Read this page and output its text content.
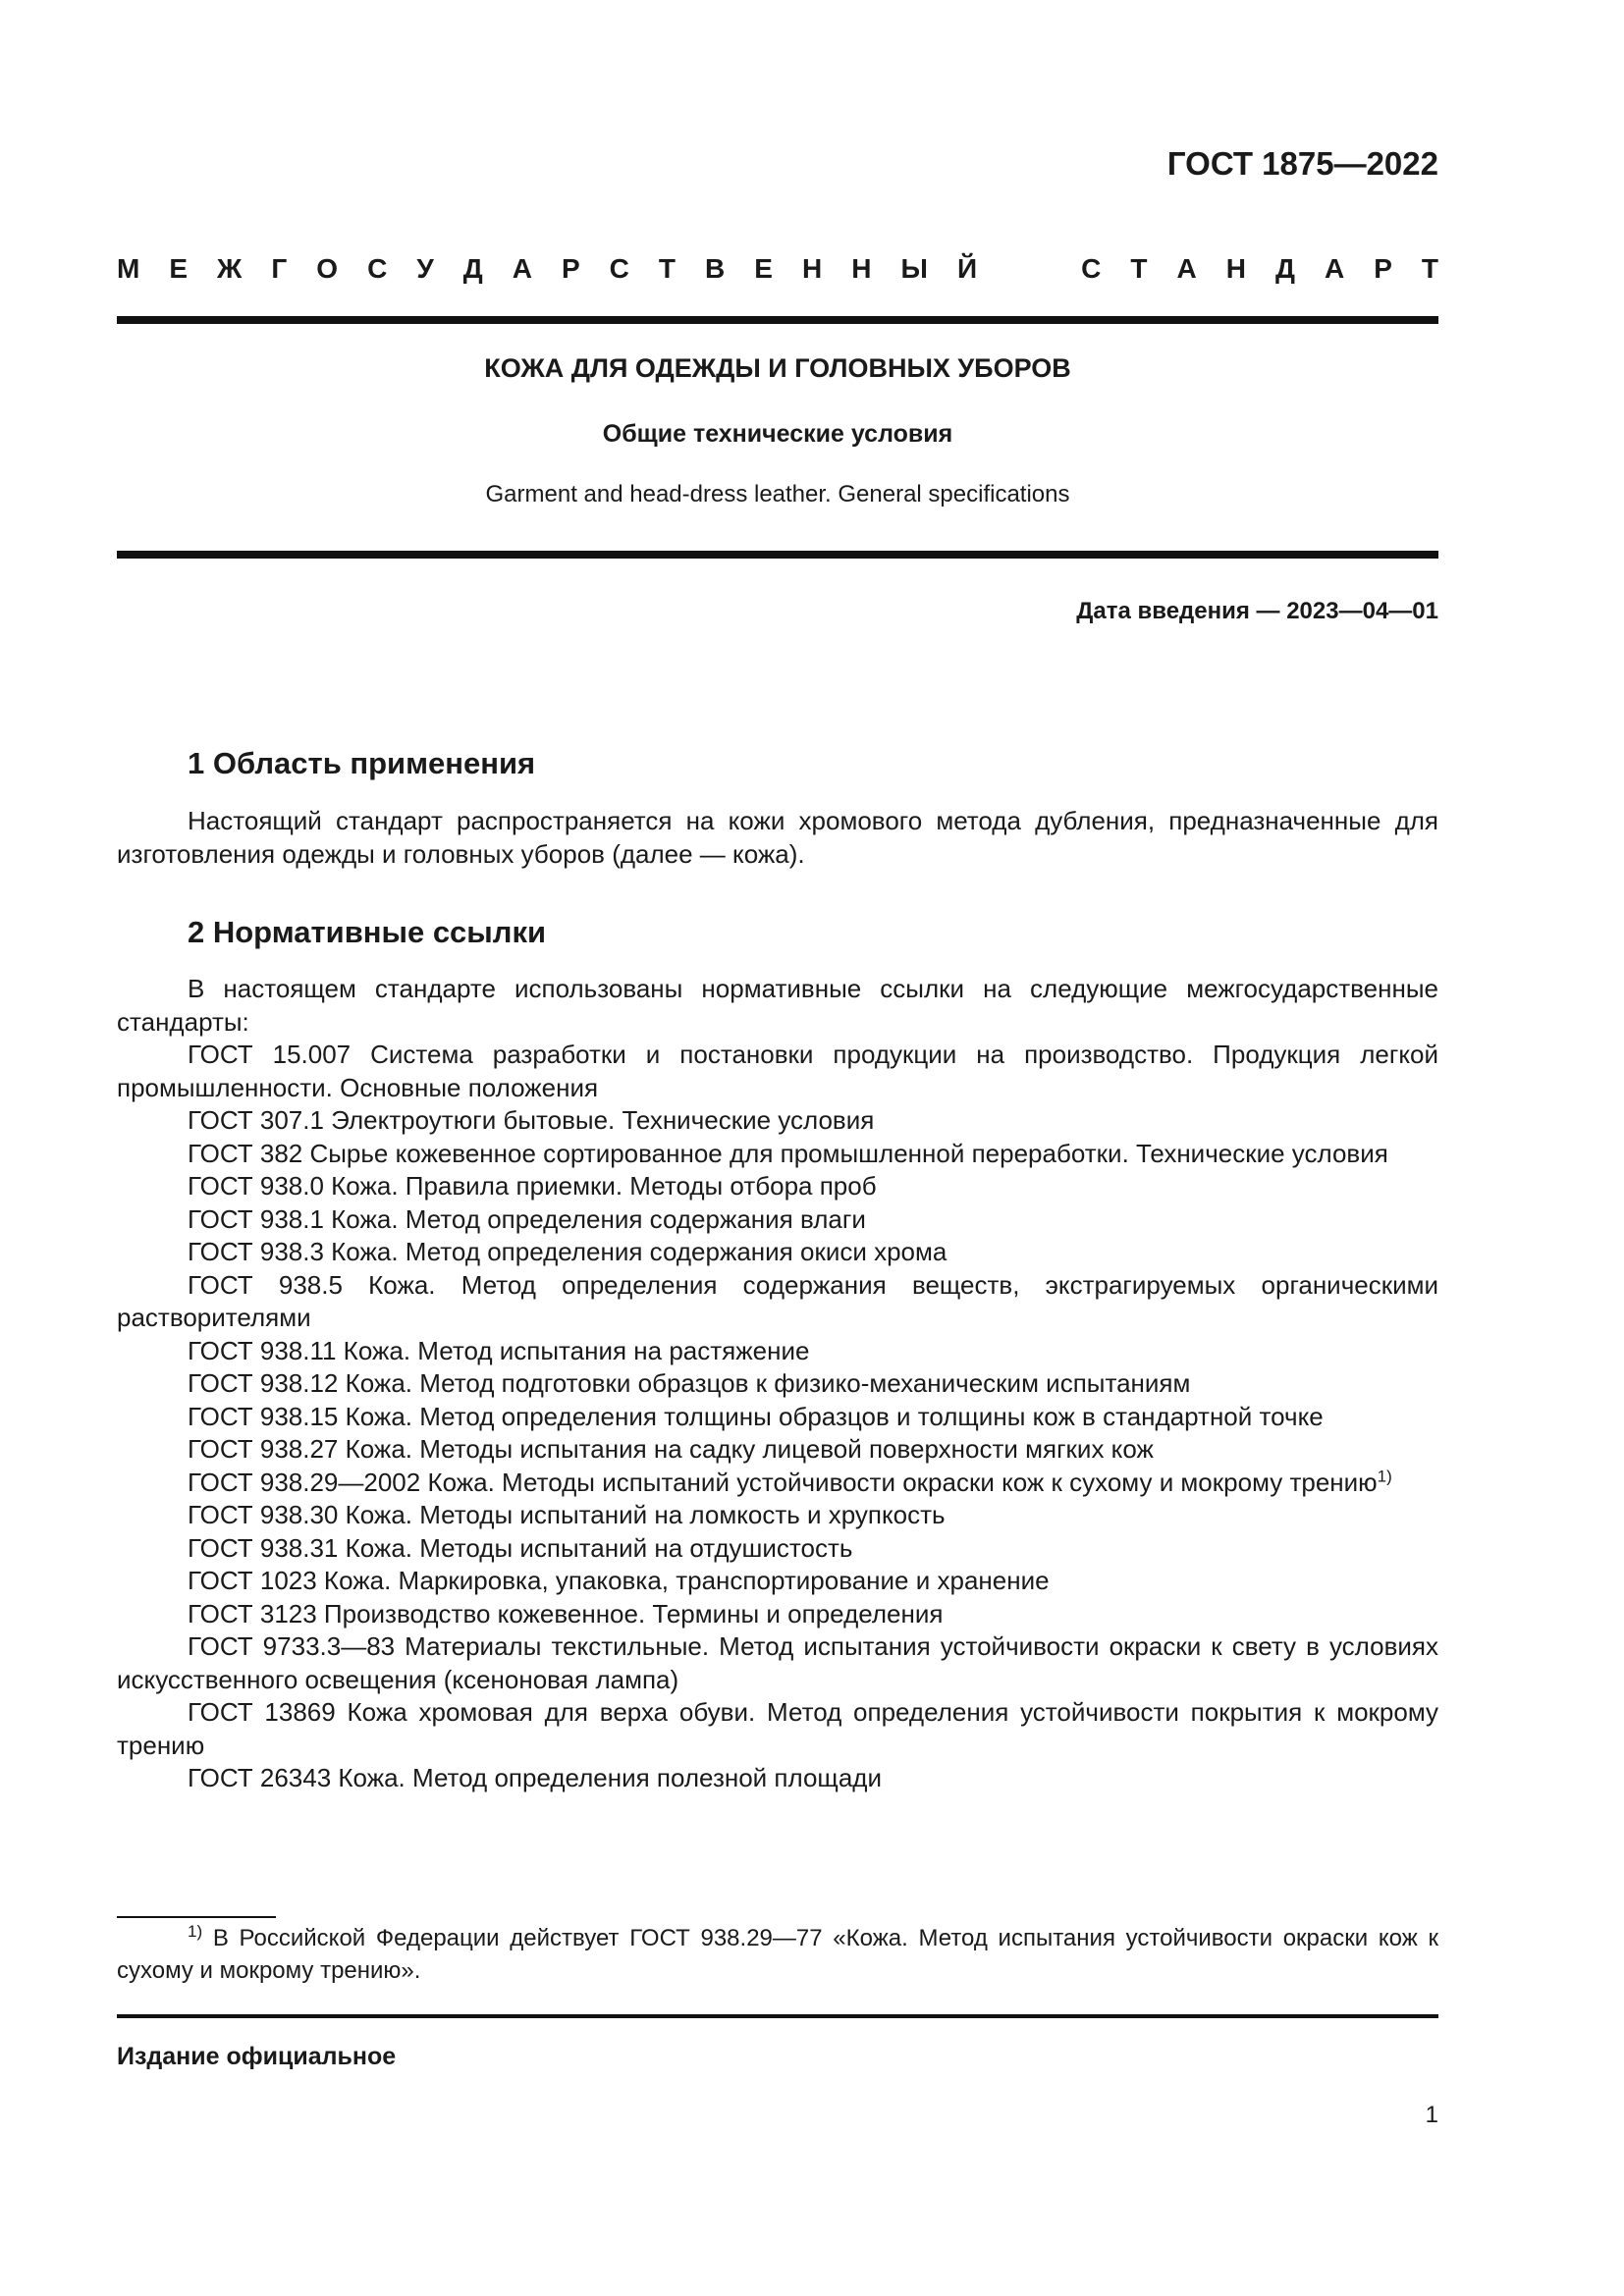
ГОСТ 1875—2022
М Е Ж Г О С У Д А Р С Т В Е Н Н Ы Й	С Т А Н Д А Р Т
КОЖА ДЛЯ ОДЕЖДЫ И ГОЛОВНЫХ УБОРОВ
Общие технические условия
Garment and head-dress leather. General specifications
Дата введения — 2023—04—01
1 Область применения
Настоящий стандарт распространяется на кожи хромового метода дубления, предназначенные для изготовления одежды и головных уборов (далее — кожа).
2 Нормативные ссылки

В настоящем стандарте использованы нормативные ссылки на следующие межгосударственные стандарты:

ГОСТ 15.007 Система разработки и постановки продукции на производство. Продукция легкой промышленности. Основные положения

ГОСТ 307.1 Электроутюги бытовые. Технические условия

ГОСТ 382 Сырье кожевенное сортированное для промышленной переработки. Технические условия

ГОСТ 938.0 Кожа. Правила приемки. Методы отбора проб

ГОСТ 938.1 Кожа. Метод определения содержания влаги

ГОСТ 938.3 Кожа. Метод определения содержания окиси хрома

ГОСТ 938.5 Кожа. Метод определения содержания веществ, экстрагируемых органическими растворителями

ГОСТ 938.11 Кожа. Метод испытания на растяжение

ГОСТ 938.12 Кожа. Метод подготовки образцов к физико-механическим испытаниям

ГОСТ 938.15 Кожа. Метод определения толщины образцов и толщины кож в стандартной точке

ГОСТ 938.27 Кожа. Методы испытания на садку лицевой поверхности мягких кож

ГОСТ 938.29—2002 Кожа. Методы испытаний устойчивости окраски кож к сухому и мокрому трению$^{1)}$

ГОСТ 938.30 Кожа. Методы испытаний на ломкость и хрупкость

ГОСТ 938.31 Кожа. Методы испытаний на отдушистость

ГОСТ 1023 Кожа. Маркировка, упаковка, транспортирование и хранение

ГОСТ 3123 Производство кожевенное. Термины и определения

ГОСТ 9733.3—83 Материалы текстильные. Метод испытания устойчивости окраски к свету в условиях искусственного освещения (ксеноновая лампа)

ГОСТ 13869 Кожа хромовая для верха обуви. Метод определения устойчивости покрытия к мокрому трению

ГОСТ 26343 Кожа. Метод определения полезной площади

$^{1)}$ В Российской Федерации действует ГОСТ 938.29—77 «Кожа. Метод испытания устойчивости окраски кож к сухому и мокрому трению».
Издание официальное
1
